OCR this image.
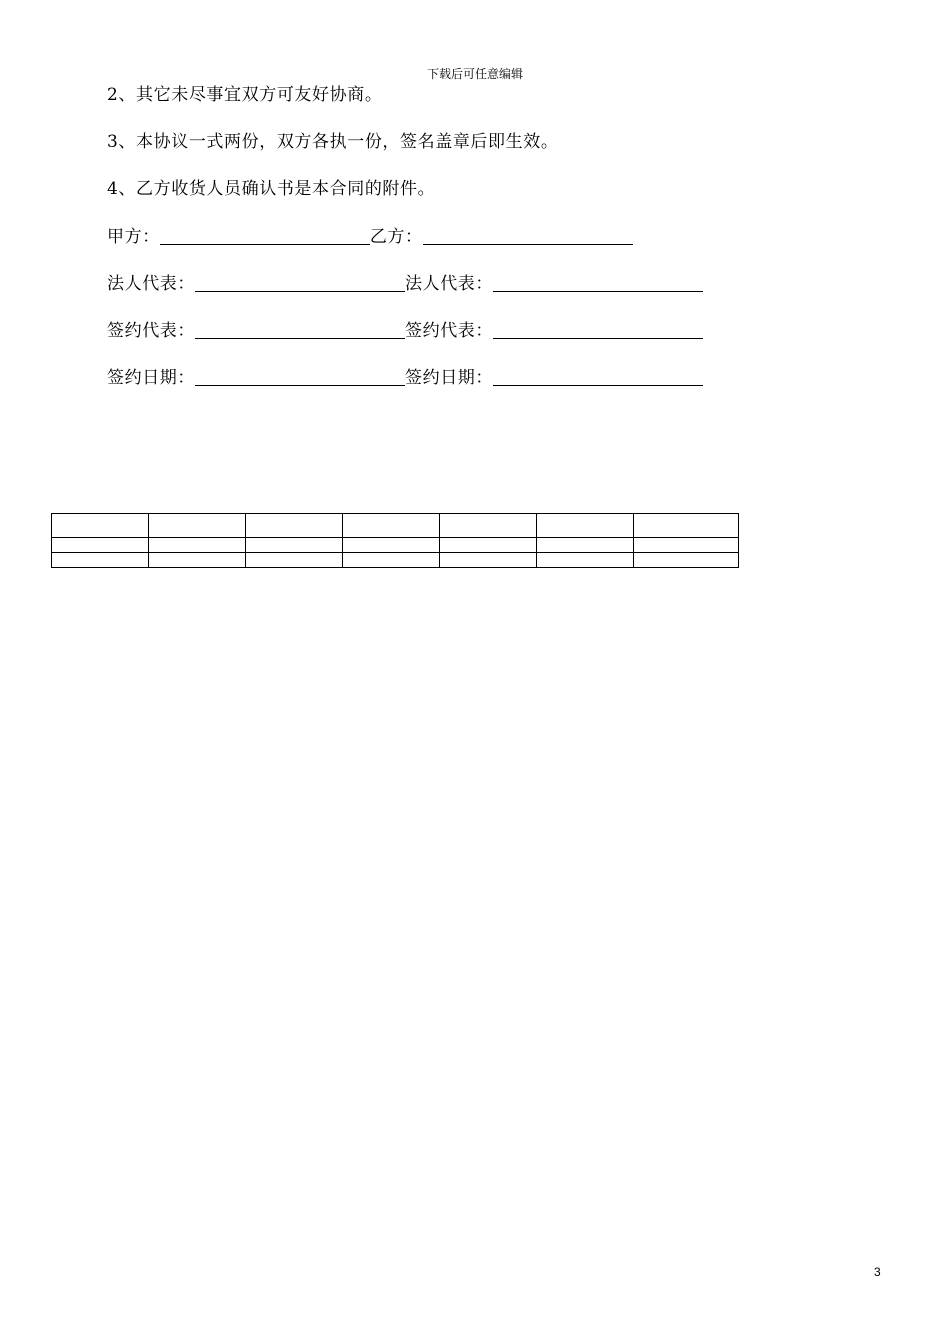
下载后可任意编辑
2、其它未尽事宜双方可友好协商。
3、本协议一式两份，双方各执一份，签名盖章后即生效。
4、乙方收货人员确认书是本合同的附件。
甲方：	乙方：
法人代表：	法人代表：
签约代表：	签约代表：
签约日期：	签约日期：

3
